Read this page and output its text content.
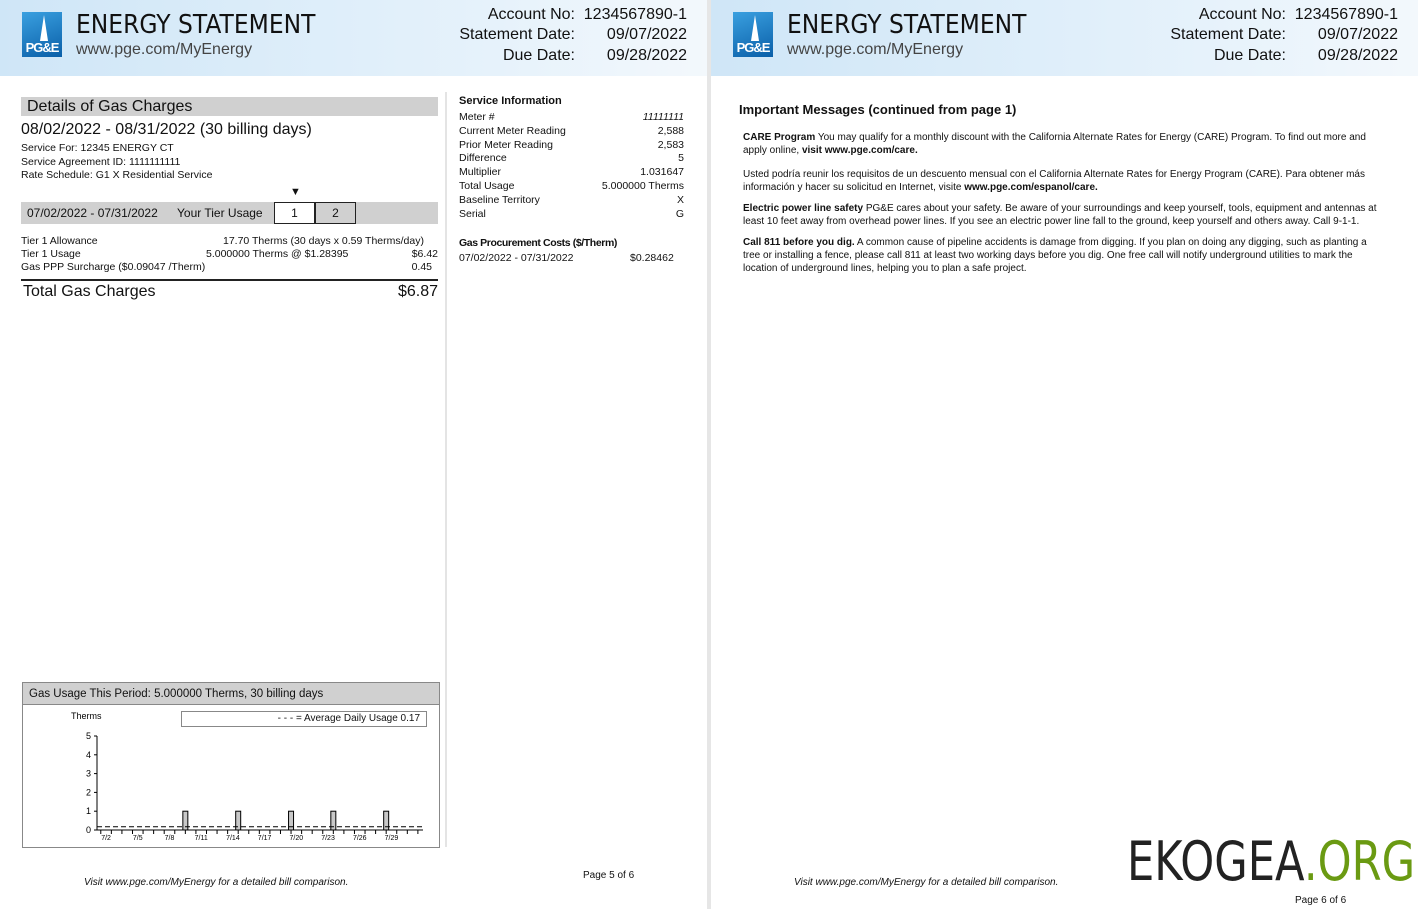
PG&E
ENERGY STATEMENT
www.pge.com/MyEnergy
Account No: 1234567890-1
Statement Date:	09/07/2022
Due Date:	09/28/2022
Details of Gas Charges
08/02/2022 - 08/31/2022 (30 billing days)
Service For: 12345 ENERGY CT
Service Agreement ID: 1111111111
Rate Schedule: G1 X Residential Service
▼
07/02/2022 - 07/31/2022 Your Tier Usage	1	2
Tier 1 Allowance	17.70 Therms (30 days x 0.59 Therms/day)
Tier 1 Usage	5.000000 Therms @ $1.28395	$6.42
Gas PPP Surcharge ($0.09047 /Therm)	0.45
Total Gas Charges	$6.87
Service Information
Meter #	11111111
Current Meter Reading	2,588
Prior Meter Reading	2,583
Difference	5
Multiplier	1.031647
Total Usage	5.000000 Therms
Baseline Territory	X
Serial	G
Gas Procurement Costs ($/Therm)
07/02/2022 - 07/31/2022	$0.28462
Gas Usage This Period: 5.000000 Therms, 30 billing days
- - - = Average Daily Usage 0.17
Therms
0
1
2
3
4
5
7/2	7/5	7/8	7/11	7/14	7/17	7/20	7/23	7/26	7/29
Visit www.pge.com/MyEnergy for a detailed bill comparison.
Page 5 of 6
PG&E
ENERGY STATEMENT
www.pge.com/MyEnergy
Account No: 1234567890-1
Statement Date:	09/07/2022
Due Date:	09/28/2022
Important Messages (continued from page 1)

CARE Program You may qualify for a monthly discount with the California Alternate Rates for Energy (CARE) Program. To find out more and apply online, visit www.pge.com/care.

Usted podría reunir los requisitos de un descuento mensual con el California Alternate Rates for Energy Program (CARE). Para obtener más información y hacer su solicitud en Internet, visite www.pge.com/espanol/care.

Electric power line safety PG&E cares about your safety. Be aware of your surroundings and keep yourself, tools, equipment and antennas at least 10 feet away from overhead power lines. If you see an electric power line fall to the ground, keep yourself and others away. Call 9-1-1.

Call 811 before you dig. A common cause of pipeline accidents is damage from digging. If you plan on doing any digging, such as planting a tree or installing a fence, please call 811 at least two working days before you dig. One free call will notify underground utilities to mark the location of underground lines, helping you to plan a safe project.

Visit www.pge.com/MyEnergy for a detailed bill comparison.
Page 6 of 6
EKOGEA.ORG
